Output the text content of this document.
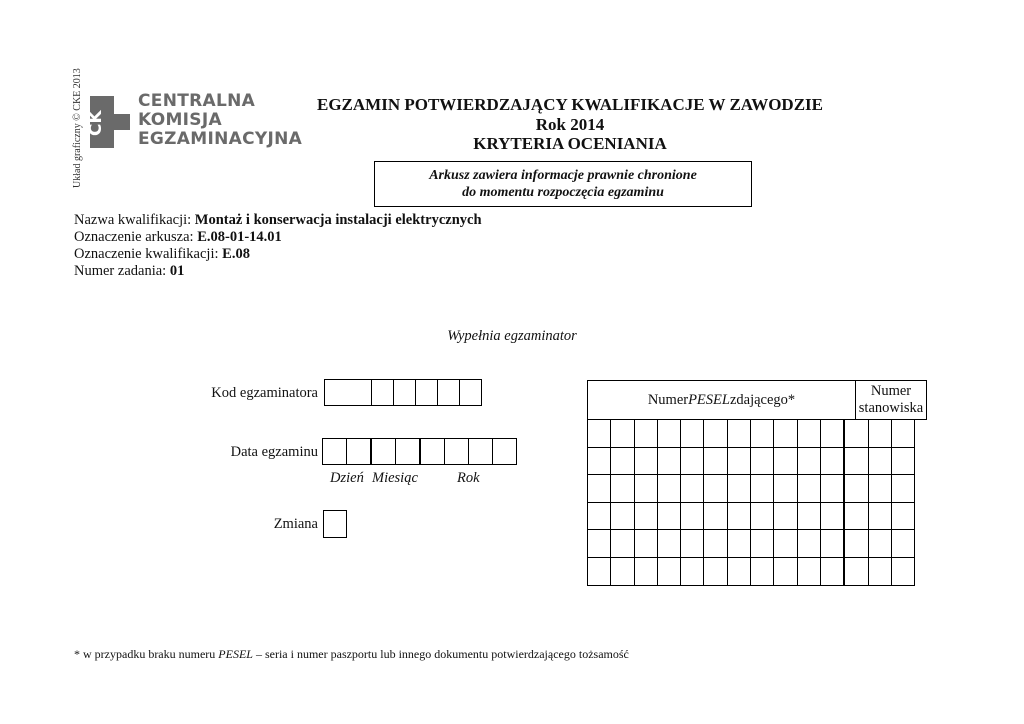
Układ graficzny © CKE 2013 CK
CENTRALNA
KOMISJA
EGZAMINACYJNA
EGZAMIN POTWIERDZAJĄCY KWALIFIKACJE W ZAWODZIE
Rok 2014
KRYTERIA OCENIANIA
Arkusz zawiera informacje prawnie chronione
do momentu rozpoczęcia egzaminu
Nazwa kwalifikacji: Montaż i konserwacja instalacji elektrycznych
Oznaczenie arkusza: E.08-01-14.01
Oznaczenie kwalifikacji: E.08
Numer zadania: 01
Wypełnia egzaminator
Kod egzaminatora
Data egzaminu
Dzień Miesiąc	Rok
Zmiana
Numer PESEL zdającego*
Numer
stanowiska

* w przypadku braku numeru PESEL – seria i numer paszportu lub innego dokumentu potwierdzającego tożsamość
